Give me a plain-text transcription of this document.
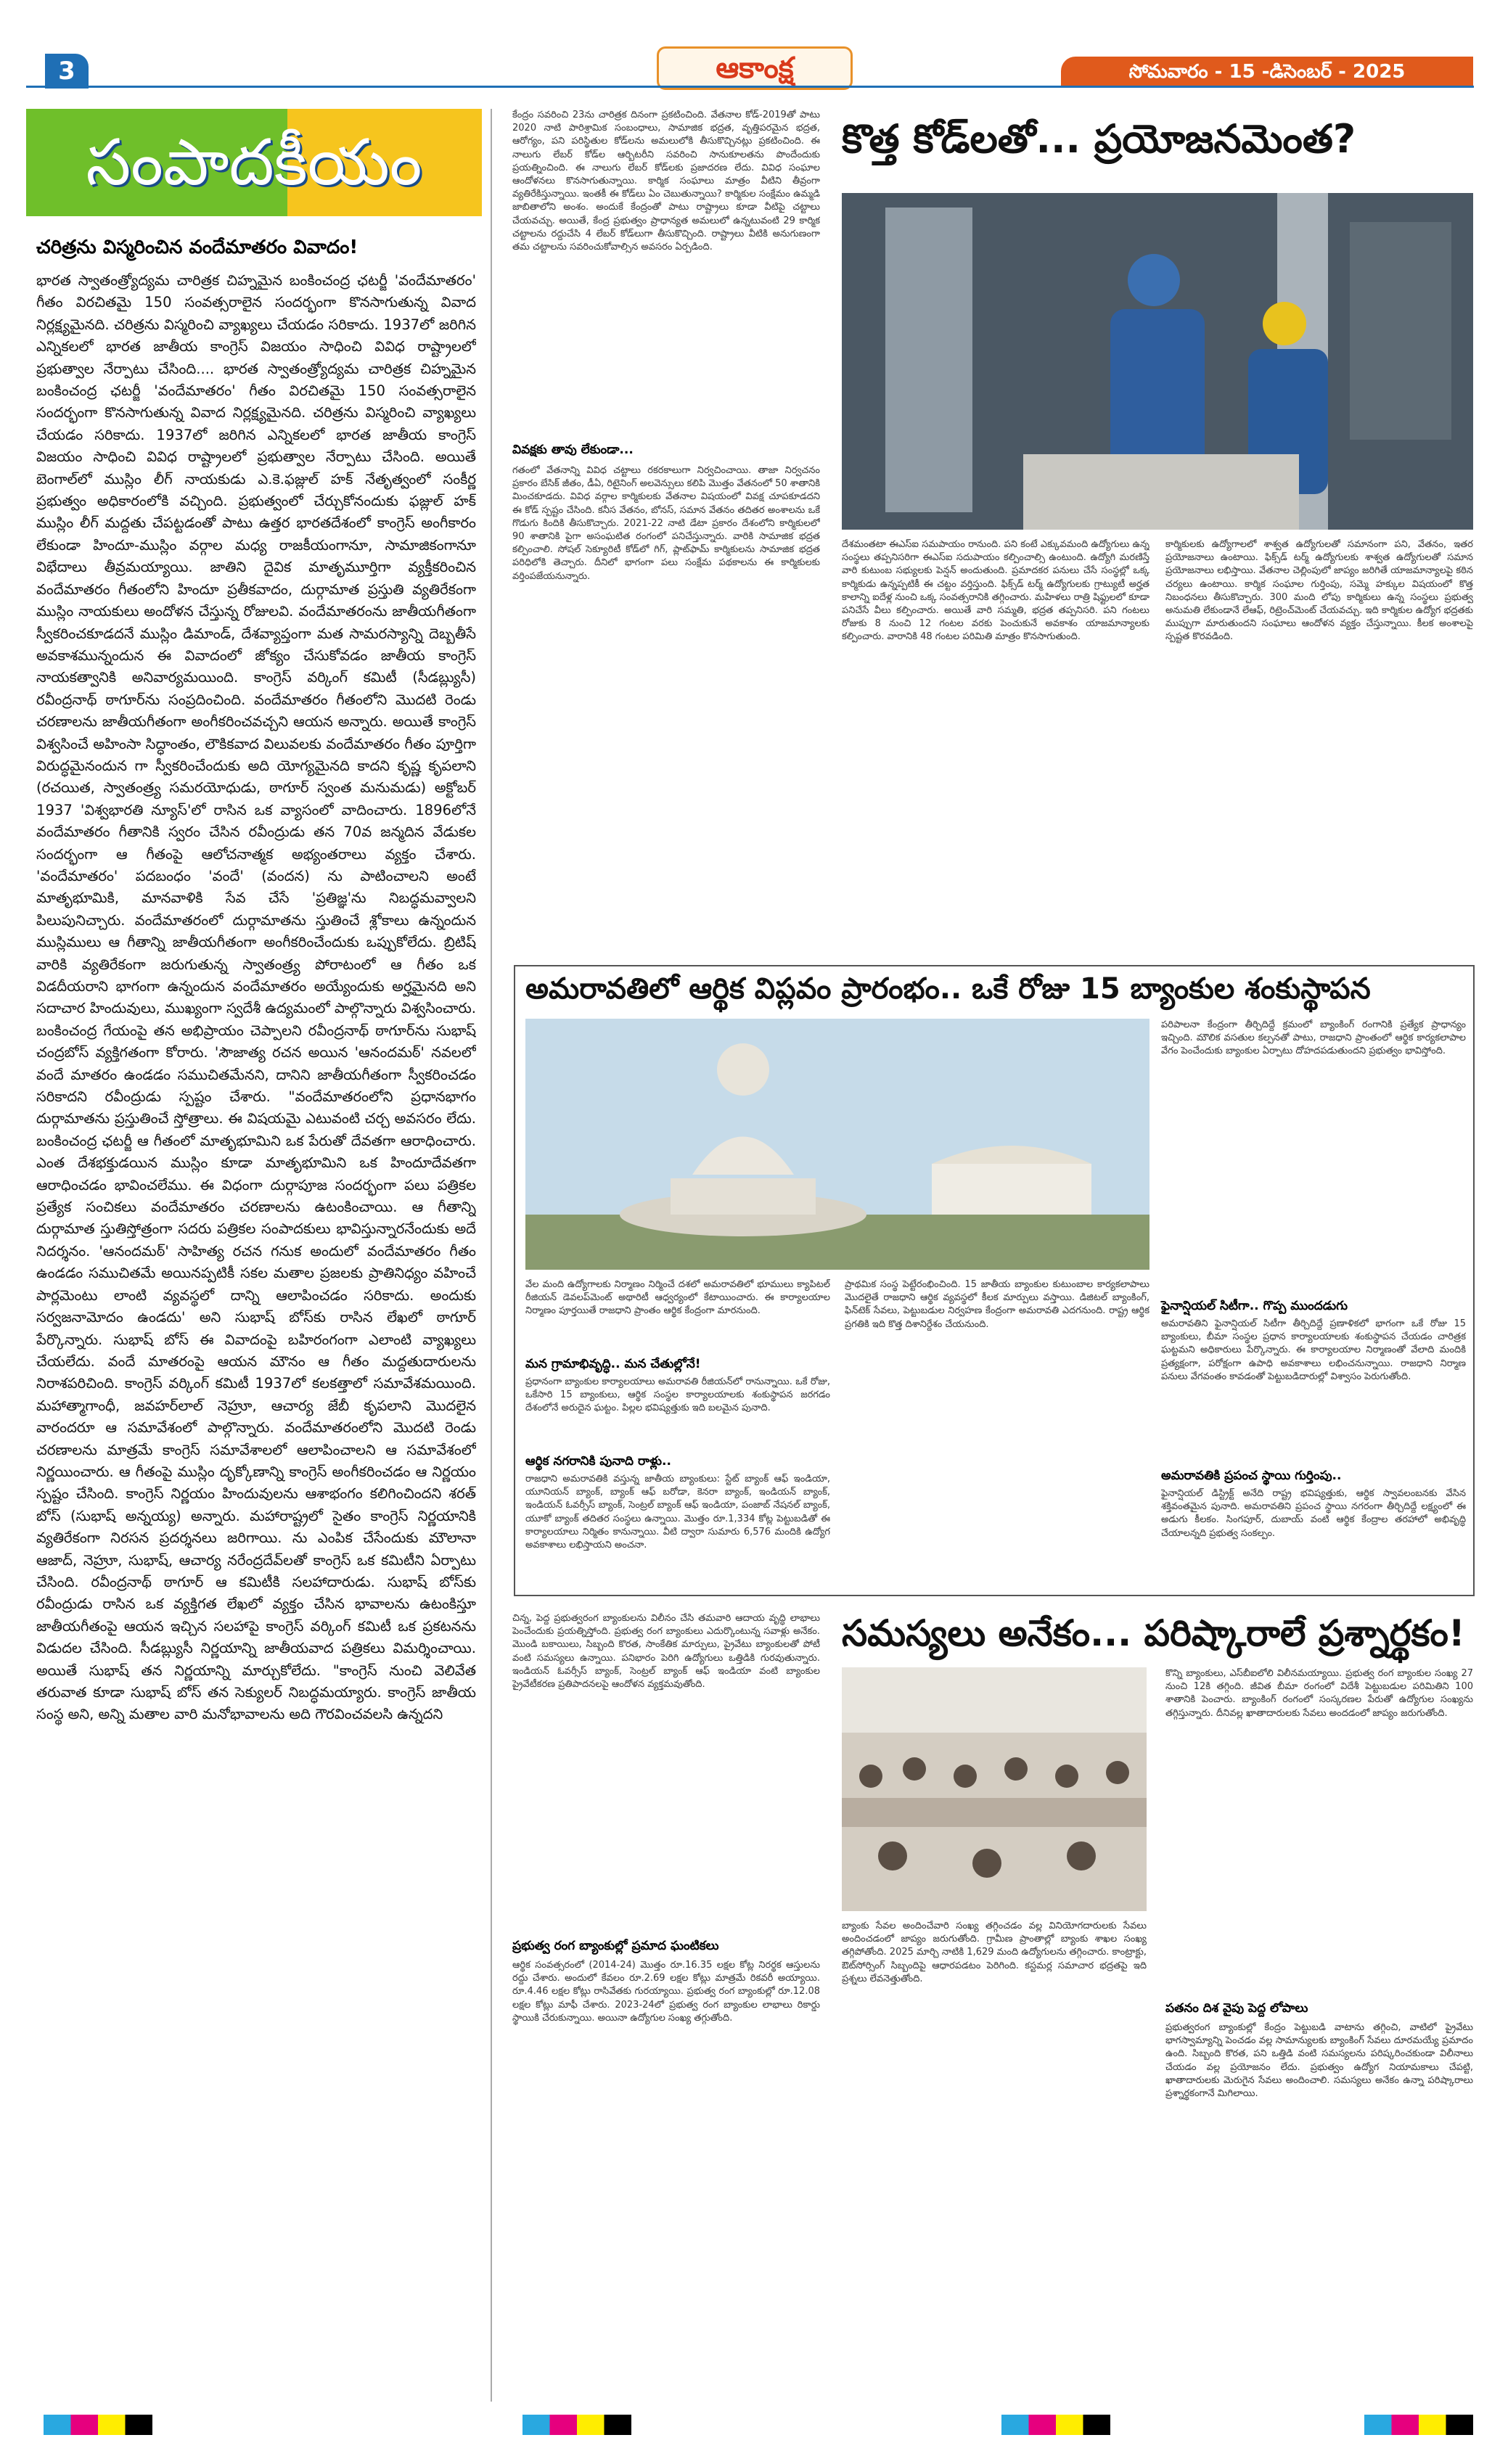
3	ఆకాంక్ష	సోమవారం - 15 -డిసెంబర్ - 2025
సంపాదకీయం
చరిత్రను విస్మరించిన వందేమాతరం వివాదం!
భారత స్వాతంత్ర్యోద్యమ చారిత్రక చిహ్నమైన బంకించంద్ర ఛటర్జీ 'వందేమాతరం' గీతం విరచితమై 150 సంవత్సరాలైన సందర్భంగా కొనసాగుతున్న వివాద నిర్లక్ష్యమైనది. చరిత్రను విస్మరించి వ్యాఖ్యలు చేయడం సరికాదు. 1937లో జరిగిన ఎన్నికలలో భారత జాతీయ కాంగ్రెస్ విజయం సాధించి వివిధ రాష్ట్రాలలో ప్రభుత్వాల నేర్పాటు చేసింది.... భారత స్వాతంత్ర్యోద్యమ చారిత్రక చిహ్నమైన బంకించంద్ర ఛటర్జీ 'వందేమాతరం' గీతం విరచితమై 150 సంవత్సరాలైన సందర్భంగా కొనసాగుతున్న వివాద నిర్లక్ష్యమైనది. చరిత్రను విస్మరించి వ్యాఖ్యలు చేయడం సరికాదు. 1937లో జరిగిన ఎన్నికలలో భారత జాతీయ కాంగ్రెస్ విజయం సాధించి వివిధ రాష్ట్రాలలో ప్రభుత్వాల నేర్పాటు చేసింది. అయితే బెంగాల్‌లో ముస్లిం లీగ్ నాయకుడు ఎ.కె.ఫజ్లుల్ హక్ నేతృత్వంలో సంకీర్ణ ప్రభుత్వం అధికారంలోకి వచ్చింది. ప్రభుత్వంలో చేర్చుకోనందుకు ఫజ్లుల్ హక్ ముస్లిం లీగ్ మద్దతు చేపట్టడంతో పాటు ఉత్తర భారతదేశంలో కాంగ్రెస్ అంగీకారం లేకుండా హిందూ-ముస్లిం వర్గాల మధ్య రాజకీయంగానూ, సామాజికంగానూ విభేదాలు తీవ్రమయ్యాయి. జాతిని దైవిక మాతృమూర్తిగా వ్యక్తీకరించిన వందేమాతరం గీతంలోని హిందూ ప్రతీకవాదం, దుర్గామాత ప్రస్తుతి వ్యతిరేకంగా ముస్లిం నాయకులు అందోళన చేస్తున్న రోజులవి. వందేమాతరంను జాతీయగీతంగా స్వీకరించకూడదనే ముస్లిం డిమాండ్, దేశవ్యాప్తంగా మత సామరస్యాన్ని దెబ్బతీసే అవకాశమున్నందున ఈ వివాదంలో జోక్యం చేసుకోవడం జాతీయ కాంగ్రెస్ నాయకత్వానికి అనివార్యమయింది. కాంగ్రెస్ వర్కింగ్ కమిటీ (సీడబ్ల్యుసీ) రవీంద్రనాథ్ ఠాగూర్‌ను సంప్రదించింది. వందేమాతరం గీతంలోని మొదటి రెండు చరణాలను జాతీయగీతంగా అంగీకరించవచ్చని ఆయన అన్నారు. అయితే కాంగ్రెస్ విశ్వసించే అహింసా సిద్ధాంతం, లౌకికవాద విలువలకు వందేమాతరం గీతం పూర్తిగా విరుద్ధమైనందున గా స్వీకరించేందుకు అది యోగ్యమైనది కాదని కృష్ణ కృపలాని (రచయిత, స్వాతంత్ర్య సమరయోధుడు, ఠాగూర్ స్వంత మనుమడు) అక్టోబర్ 1937 'విశ్వభారతి న్యూస్'లో రాసిన ఒక వ్యాసంలో వాదించారు. 1896లోనే వందేమాతరం గీతానికి స్వరం చేసిన రవీంద్రుడు తన 70వ జన్మదిన వేడుకల సందర్భంగా ఆ గీతంపై ఆలోచనాత్మక అభ్యంతరాలు వ్యక్తం చేశారు. 'వందేమాతరం' పదబంధం 'వందే' (వందన) ను పాటించాలని అంటే మాతృభూమికి, మానవాళికి సేవ చేసే 'ప్రతిజ్ఞ'ను నిబద్ధమవ్వాలని పిలుపునిచ్చారు. వందేమాతరంలో దుర్గామాతను స్తుతించే శ్లోకాలు ఉన్నందున ముస్లిములు ఆ గీతాన్ని జాతీయగీతంగా అంగీకరించేందుకు ఒప్పుకోలేదు. బ్రిటిష్ వారికి వ్యతిరేకంగా జరుగుతున్న స్వాతంత్ర్య పోరాటంలో ఆ గీతం ఒక విడదీయరాని భాగంగా ఉన్నందున వందేమాతరం అయ్యేందుకు అర్హమైనది అని సదాచార హిందువులు, ముఖ్యంగా స్వదేశీ ఉద్యమంలో పాల్గొన్నారు విశ్వసించారు. బంకించంద్ర గేయంపై తన అభిప్రాయం చెప్పాలని రవీంద్రనాథ్ ఠాగూర్‌ను సుభాష్ చంద్రబోస్ వ్యక్తిగతంగా కోరారు. 'సౌజాత్య రచన అయిన 'ఆనందమఠ్' నవలలో వందే మాతరం ఉండడం సముచితమేనని, దానిని జాతీయగీతంగా స్వీకరించడం సరికాదని రవీంద్రుడు స్పష్టం చేశారు. "వందేమాతరంలోని ప్రధానభాగం దుర్గామాతను ప్రస్తుతించే స్తోత్రాలు. ఈ విషయమై ఎటువంటి చర్చ అవసరం లేదు. బంకించంద్ర ఛటర్జీ ఆ గీతంలో మాతృభూమిని ఒక పేరుతో దేవతగా ఆరాధించారు. ఎంత దేశభక్తుడయిన ముస్లిం కూడా మాతృభూమిని ఒక హిందూదేవతగా ఆరాధించడం భావించలేము. ఈ విధంగా దుర్గాపూజ సందర్భంగా పలు పత్రికల ప్రత్యేక సంచికలు వందేమాతరం చరణాలను ఉటంకించాయి. ఆ గీతాన్ని దుర్గామాత స్తుతిస్తోత్రంగా సదరు పత్రికల సంపాదకులు భావిస్తున్నారనేందుకు అదే నిదర్శనం. 'ఆనందమఠ్' సాహిత్య రచన గనుక అందులో వందేమాతరం గీతం ఉండడం సముచితమే అయినప్పటికీ సకల మతాల ప్రజలకు ప్రాతినిధ్యం వహించే పార్లమెంటు లాంటి వ్యవస్థలో దాన్ని ఆలాపించడం సరికాదు. అందుకు సర్వజనామోదం ఉండదు' అని సుభాష్ బోస్‌కు రాసిన లేఖలో ఠాగూర్ పేర్కొన్నారు. సుభాష్ బోస్ ఈ వివాదంపై బహిరంగంగా ఎలాంటి వ్యాఖ్యలు చేయలేదు. వందే మాతరంపై ఆయన మౌనం ఆ గీతం మద్దతుదారులను నిరాశపరిచింది. కాంగ్రెస్ వర్కింగ్ కమిటీ 1937లో కలకత్తాలో సమావేశమయింది. మహాత్మాగాంధీ, జవహర్‌లాల్ నెహ్రూ, ఆచార్య జేబీ కృపలాని మొదలైన వారందరూ ఆ సమావేశంలో పాల్గొన్నారు. వందేమాతరంలోని మొదటి రెండు చరణాలను మాత్రమే కాంగ్రెస్ సమావేశాలలో ఆలాపించాలని ఆ సమావేశంలో నిర్ణయించారు. ఆ గీతంపై ముస్లిం దృక్కోణాన్ని కాంగ్రెస్ అంగీకరించడం ఆ నిర్ణయం స్పష్టం చేసింది. కాంగ్రెస్ నిర్ణయం హిందువులను ఆశాభంగం కలిగించిందని శరత్ బోస్ (సుభాష్ అన్నయ్య) అన్నారు. మహారాష్ట్రలో సైతం కాంగ్రెస్ నిర్ణయానికి వ్యతిరేకంగా నిరసన ప్రదర్శనలు జరిగాయి. ను ఎంపిక చేసేందుకు మౌలానా ఆజాద్, నెహ్రూ, సుభాష్, ఆచార్య నరేంద్రదేవ్‌లతో కాంగ్రెస్ ఒక కమిటీని ఏర్పాటు చేసింది. రవీంద్రనాథ్ ఠాగూర్ ఆ కమిటీకి సలహాదారుడు. సుభాష్ బోస్‌కు రవీంద్రుడు రాసిన ఒక వ్యక్తిగత లేఖలో వ్యక్తం చేసిన భావాలను ఉటంకిస్తూ జాతీయగీతంపై ఆయన ఇచ్చిన సలహాపై కాంగ్రెస్ వర్కింగ్ కమిటీ ఒక ప్రకటనను విడుదల చేసింది. సీడబ్ల్యుసీ నిర్ణయాన్ని జాతీయవాద పత్రికలు విమర్శించాయి. అయితే సుభాష్ తన నిర్ణయాన్ని మార్చుకోలేదు. "కాంగ్రెస్ నుంచి వెలివేత తరువాత కూడా సుభాష్ బోస్ తన సెక్యులర్ నిబద్ధమయ్యారు. కాంగ్రెస్ జాతీయ సంస్థ అని, అన్ని మతాల వారి మనోభావాలను అది గౌరవించవలసి ఉన్నదని
కొత్త కోడ్‌లతో... ప్రయోజనమెంత?
కేంద్రం సవరించి 23ను చారిత్రక దినంగా ప్రకటించింది. వేతనాల కోడ్-2019తో పాటు 2020 నాటి పారిశ్రామిక సంబంధాలు, సామాజిక భద్రత, వృత్తిపరమైన భద్రత, ఆరోగ్యం, పని పరిస్థితుల కోడ్‌లను అమలులోకి తీసుకొచ్చినట్లు ప్రకటించింది. ఈ నాలుగు లేబర్ కోడ్‌ల ఆర్బిటరీని సవరించి సానుకూలతను పొందేందుకు ప్రయత్నించింది. ఈ నాలుగు లేబర్ కోడ్‌లకు ప్రజాదరణ లేదు. వివిధ సంఘాల ఆందోళనలు కొనసాగుతున్నాయి. కార్మిక సంఘాలు మాత్రం వీటిని తీవ్రంగా వ్యతిరేకిస్తున్నాయి. ఇంతకీ ఈ కోడ్‌లు ఏం చెబుతున్నాయి? కార్మికుల సంక్షేమం ఉమ్మడి జాబితాలోని అంశం. అందుకే కేంద్రంతో పాటు రాష్ట్రాలు కూడా వీటిపై చట్టాలు చేయవచ్చు. అయితే, కేంద్ర ప్రభుత్వం ప్రాధాన్యత అమలులో ఉన్నటువంటి 29 కార్మిక చట్టాలను రద్దుచేసి 4 లేబర్ కోడ్‌లుగా తీసుకొచ్చింది. రాష్ట్రాలు వీటికి అనుగుణంగా తమ చట్టాలను సవరించుకోవాల్సిన అవసరం ఏర్పడింది.
వివక్షకు తావు లేకుండా...
గతంలో వేతనాన్ని వివిధ చట్టాలు రకరకాలుగా నిర్వచించాయి. తాజా నిర్వచనం ప్రకారం బేసిక్ జీతం, డీఏ, రిటైనింగ్ అలవెన్సులు కలిపి మొత్తం వేతనంలో 50 శాతానికి మించకూడదు. వివిధ వర్గాల కార్మికులకు వేతనాల విషయంలో వివక్ష చూపకూడదని ఈ కోడ్ స్పష్టం చేసింది. కనీస వేతనం, బోనస్, సమాన వేతనం తదితర అంశాలను ఒకే గొడుగు కిందికి తీసుకొచ్చారు. 2021-22 నాటి డేటా ప్రకారం దేశంలోని కార్మికులలో 90 శాతానికి పైగా అసంఘటిత రంగంలో పనిచేస్తున్నారు. వారికి సామాజిక భద్రత కల్పించాలి. సోషల్ సెక్యూరిటీ కోడ్‌లో గిగ్, ప్లాట్‌ఫామ్ కార్మికులను సామాజిక భద్రత పరిధిలోకి తెచ్చారు. దీనిలో భాగంగా పలు సంక్షేమ పథకాలను ఈ కార్మికులకు వర్తింపజేయనున్నారు.
దేశమంతటా ఈఎస్ఐ సమపాయం రానుంది. పని కంటే ఎక్కువమంది ఉద్యోగులు ఉన్న సంస్థలు తప్పనిసరిగా ఈఎస్ఐ సదుపాయం కల్పించాల్సి ఉంటుంది. ఉద్యోగి మరణిస్తే వారి కుటుంబ సభ్యులకు పెన్షన్ అందుతుంది. ప్రమాదకర పనులు చేసే సంస్థల్లో ఒక్క కార్మికుడు ఉన్నప్పటికీ ఈ చట్టం వర్తిస్తుంది. ఫిక్స్‌డ్ టర్మ్ ఉద్యోగులకు గ్రాట్యుటీ అర్హత కాలాన్ని ఐదేళ్ల నుంచి ఒక్క సంవత్సరానికి తగ్గించారు. మహిళలు రాత్రి షిఫ్టులలో కూడా పనిచేసే వీలు కల్పించారు. అయితే వారి సమ్మతి, భద్రత తప్పనిసరి. పని గంటలు రోజుకు 8 నుంచి 12 గంటల వరకు పెంచుకునే అవకాశం యాజమాన్యాలకు కల్పించారు. వారానికి 48 గంటల పరిమితి మాత్రం కొనసాగుతుంది.
కార్మికులకు ఉద్యోగాలలో శాశ్వత ఉద్యోగులతో సమానంగా పని, వేతనం, ఇతర ప్రయోజనాలు ఉంటాయి. ఫిక్స్‌డ్ టర్మ్ ఉద్యోగులకు శాశ్వత ఉద్యోగులతో సమాన ప్రయోజనాలు లభిస్తాయి. వేతనాల చెల్లింపులో జాప్యం జరిగితే యాజమాన్యాలపై కఠిన చర్యలు ఉంటాయి. కార్మిక సంఘాల గుర్తింపు, సమ్మె హక్కుల విషయంలో కొత్త నిబంధనలు తీసుకొచ్చారు. 300 మంది లోపు కార్మికులు ఉన్న సంస్థలు ప్రభుత్వ అనుమతి లేకుండానే లేఆఫ్, రిట్రెంచ్‌మెంట్ చేయవచ్చు. ఇది కార్మికుల ఉద్యోగ భద్రతకు ముప్పుగా మారుతుందని సంఘాలు ఆందోళన వ్యక్తం చేస్తున్నాయి. కీలక అంశాలపై స్పష్టత కొరవడింది.
అమరావతిలో ఆర్థిక విప్లవం ప్రారంభం.. ఒకే రోజు 15 బ్యాంకుల శంకుస్థాపన
పరిపాలనా కేంద్రంగా తీర్చిదిద్దే క్రమంలో బ్యాంకింగ్ రంగానికి ప్రత్యేక ప్రాధాన్యం ఇచ్చింది. మౌలిక వసతుల కల్పనతో పాటు, రాజధాని ప్రాంతంలో ఆర్థిక కార్యకలాపాల వేగం పెంచేందుకు బ్యాంకుల ఏర్పాటు దోహదపడుతుందని ప్రభుత్వం భావిస్తోంది.
ఫైనాన్షియల్ సిటీగా.. గొప్ప ముందడుగు
అమరావతిని ఫైనాన్షియల్ సిటీగా తీర్చిదిద్దే ప్రణాళికలో భాగంగా ఒకే రోజు 15 బ్యాంకులు, బీమా సంస్థల ప్రధాన కార్యాలయాలకు శంకుస్థాపన చేయడం చారిత్రక ఘట్టమని అధికారులు పేర్కొన్నారు. ఈ కార్యాలయాల నిర్మాణంతో వేలాది మందికి ప్రత్యక్షంగా, పరోక్షంగా ఉపాధి అవకాశాలు లభించనున్నాయి. రాజధాని నిర్మాణ పనులు వేగవంతం కావడంతో పెట్టుబడిదారుల్లో విశ్వాసం పెరుగుతోంది.
అమరావతికి ప్రపంచ స్థాయి గుర్తింపు..
ఫైనాన్షియల్ డిస్ట్రిక్ట్ అనేది రాష్ట్ర భవిష్యత్తుకు, ఆర్థిక స్వావలంబనకు వేసిన శక్తివంతమైన పునాది. అమరావతిని ప్రపంచ స్థాయి నగరంగా తీర్చిదిద్దే లక్ష్యంలో ఈ అడుగు కీలకం. సింగపూర్, దుబాయ్ వంటి ఆర్థిక కేంద్రాల తరహాలో అభివృద్ధి చేయాలన్నది ప్రభుత్వ సంకల్పం.
వేల మంది ఉద్యోగాలకు నిర్మాణం నిర్మించే దశలో అమరావతిలో భూములు క్యాపిటల్ రీజియన్ డెవలప్‌మెంట్ అథారిటీ ఆధ్వర్యంలో కేటాయించారు. ఈ కార్యాలయాల నిర్మాణం పూర్తయితే రాజధాని ప్రాంతం ఆర్థిక కేంద్రంగా మారనుంది.
మన గ్రామాభివృద్ధి.. మన చేతుల్లోనే!
ప్రధానంగా బ్యాంకుల కార్యాలయాలు అమరావతి రీజియన్‌లో రానున్నాయి. ఒకే రోజు, ఒకేసారి 15 బ్యాంకులు, ఆర్థిక సంస్థల కార్యాలయాలకు శంకుస్థాపన జరగడం దేశంలోనే అరుదైన ఘట్టం. పిల్లల భవిష్యత్తుకు ఇది బలమైన పునాది.
ఆర్థిక నగరానికి పునాది రాళ్లు..
రాజధాని అమరావతికి వస్తున్న జాతీయ బ్యాంకులు: స్టేట్ బ్యాంక్ ఆఫ్ ఇండియా, యూనియన్ బ్యాంక్, బ్యాంక్ ఆఫ్ బరోడా, కెనరా బ్యాంక్, ఇండియన్ బ్యాంక్, ఇండియన్ ఓవర్సీస్ బ్యాంక్, సెంట్రల్ బ్యాంక్ ఆఫ్ ఇండియా, పంజాబ్ నేషనల్ బ్యాంక్, యూకో బ్యాంక్ తదితర సంస్థలు ఉన్నాయి. మొత్తం రూ.1,334 కోట్ల పెట్టుబడితో ఈ కార్యాలయాలు నిర్మితం కానున్నాయి. వీటి ద్వారా సుమారు 6,576 మందికి ఉద్యోగ అవకాశాలు లభిస్తాయని అంచనా.
ప్రాథమిక సంస్థ పెట్టేరంభించింది. 15 జాతీయ బ్యాంకుల కుటుంబాల కార్యకలాపాలు మొదలైతే రాజధాని ఆర్థిక వ్యవస్థలో కీలక మార్పులు వస్తాయి. డిజిటల్ బ్యాంకింగ్, ఫిన్‌టెక్ సేవలు, పెట్టుబడుల నిర్వహణ కేంద్రంగా అమరావతి ఎదగనుంది. రాష్ట్ర ఆర్థిక ప్రగతికి ఇది కొత్త దిశానిర్దేశం చేయనుంది.
సమస్యలు అనేకం... పరిష్కారాలే ప్రశ్నార్థకం!
చిన్న, పెద్ద ప్రభుత్వరంగ బ్యాంకులను విలీనం చేసి తమవారి ఆదాయ వృద్ధి లాభాలు పెంచేందుకు ప్రయత్నిస్తోంది. ప్రభుత్వ రంగ బ్యాంకులు ఎదుర్కొంటున్న సవాళ్లు అనేకం. మొండి బకాయిలు, సిబ్బంది కొరత, సాంకేతిక మార్పులు, ప్రైవేటు బ్యాంకులతో పోటీ వంటి సమస్యలు ఉన్నాయి. పనిభారం పెరిగి ఉద్యోగులు ఒత్తిడికి గురవుతున్నారు. ఇండియన్ ఓవర్సీస్ బ్యాంక్, సెంట్రల్ బ్యాంక్ ఆఫ్ ఇండియా వంటి బ్యాంకుల ప్రైవేటీకరణ ప్రతిపాదనలపై ఆందోళన వ్యక్తమవుతోంది.
ప్రభుత్వ రంగ బ్యాంకుల్లో ప్రమాద ఘంటికలు
ఆర్థిక సంవత్సరంలో (2014-24) మొత్తం రూ.16.35 లక్షల కోట్ల నిరర్థక ఆస్తులను రద్దు చేశారు. అందులో కేవలం రూ.2.69 లక్షల కోట్లు మాత్రమే రికవరీ అయ్యాయి. రూ.4.46 లక్షల కోట్లు రాసివేతకు గురయ్యాయి. ప్రభుత్వ రంగ బ్యాంకుల్లో రూ.12.08 లక్షల కోట్లు మాఫీ చేశారు. 2023-24లో ప్రభుత్వ రంగ బ్యాంకుల లాభాలు రికార్డు స్థాయికి చేరుకున్నాయి. అయినా ఉద్యోగుల సంఖ్య తగ్గుతోంది.
బ్యాంకు సేవల అందించేవారి సంఖ్య తగ్గించడం వల్ల వినియోగదారులకు సేవలు అందించడంలో జాప్యం జరుగుతోంది. గ్రామీణ ప్రాంతాల్లో బ్యాంకు శాఖల సంఖ్య తగ్గిపోతోంది. 2025 మార్చి నాటికి 1,629 మంది ఉద్యోగులను తగ్గించారు. కాంట్రాక్టు, ఔట్‌సోర్సింగ్ సిబ్బందిపై ఆధారపడటం పెరిగింది. కస్టమర్ల సమాచార భద్రతపై ఇది ప్రశ్నలు లేవనెత్తుతోంది.
కొన్ని బ్యాంకులు, ఎస్‌బీఐలోలి విలీనమయ్యాయి. ప్రభుత్వ రంగ బ్యాంకుల సంఖ్య 27 నుంచి 12కి తగ్గింది. జీవిత బీమా రంగంలో విదేశీ పెట్టుబడుల పరిమితిని 100 శాతానికి పెంచారు. బ్యాంకింగ్ రంగంలో సంస్కరణల పేరుతో ఉద్యోగుల సంఖ్యను తగ్గిస్తున్నారు. దీనివల్ల ఖాతాదారులకు సేవలు అందడంలో జాప్యం జరుగుతోంది.
పతనం దిశ వైపు పెద్ద లోపాలు
ప్రభుత్వరంగ బ్యాంకుల్లో కేంద్రం పెట్టుబడి వాటాను తగ్గించి, వాటిలో ప్రైవేటు భాగస్వామ్యాన్ని పెంచడం వల్ల సామాన్యులకు బ్యాంకింగ్ సేవలు దూరమయ్యే ప్రమాదం ఉంది. సిబ్బంది కొరత, పని ఒత్తిడి వంటి సమస్యలను పరిష్కరించకుండా విలీనాలు చేయడం వల్ల ప్రయోజనం లేదు. ప్రభుత్వం ఉద్యోగ నియామకాలు చేపట్టి, ఖాతాదారులకు మెరుగైన సేవలు అందించాలి. సమస్యలు అనేకం ఉన్నా పరిష్కారాలు ప్రశ్నార్థకంగానే మిగిలాయి.
